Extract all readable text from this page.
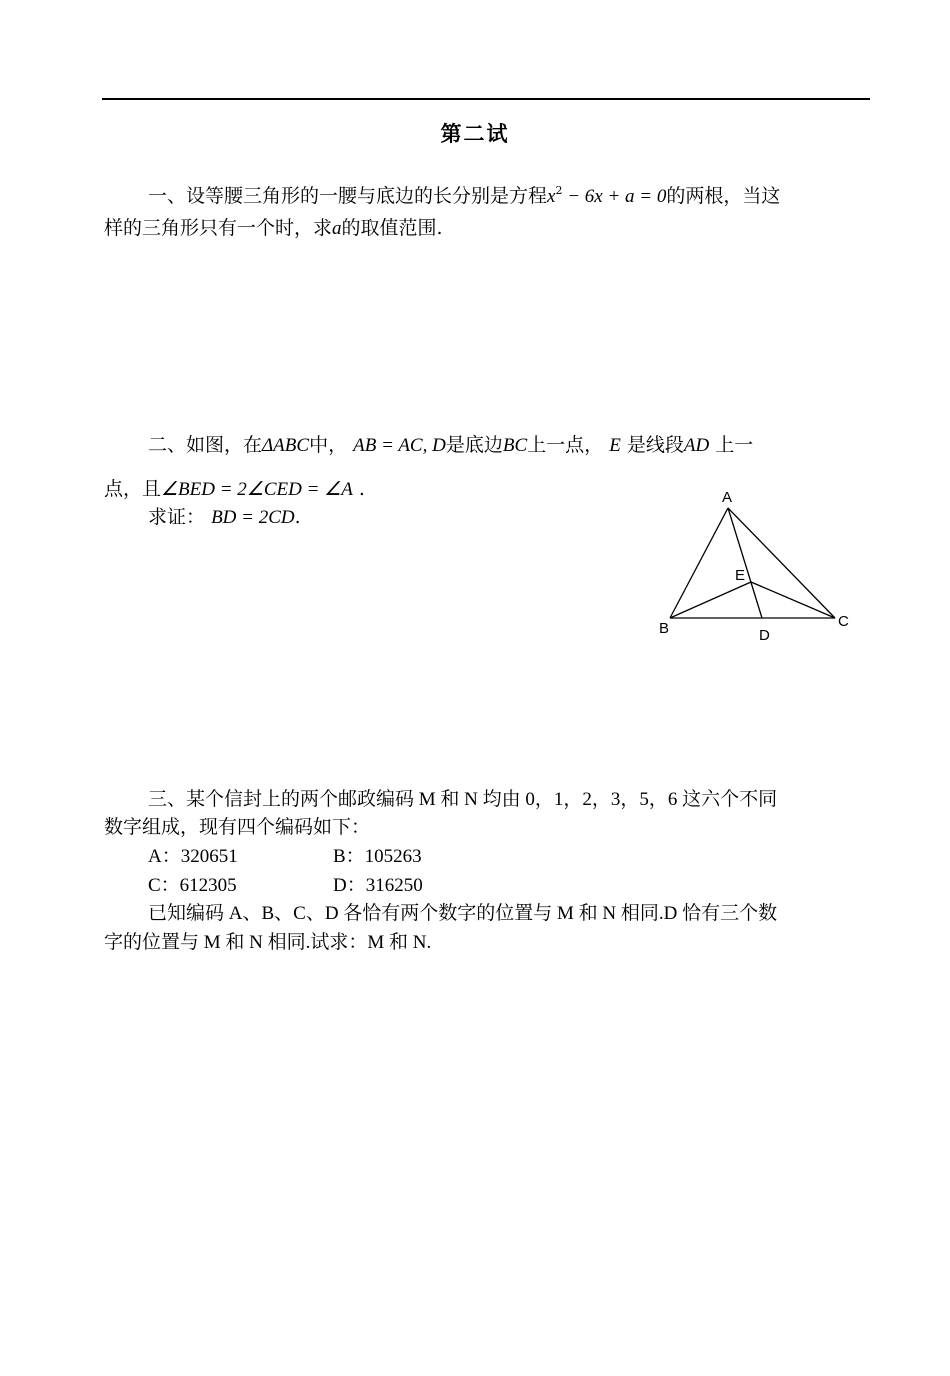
第二试
一、设等腰三角形的一腰与底边的长分别是方程$x^2 - 6x + a = 0$的两根，当这
样的三角形只有一个时，求a的取值范围.
二、如图，在ΔABC中， AB = AC, D是底边BC上一点， E 是线段AD 上一
点，且∠BED = 2∠CED = ∠A .
求证： BD = 2CD.
A
B	C
D
E
三、某个信封上的两个邮政编码 M 和 N 均由 0，1，2，3，5，6 这六个不同
数字组成，现有四个编码如下：
A：320651	B：105263
C：612305	D：316250
已知编码 A、B、C、D 各恰有两个数字的位置与 M 和 N 相同.D 恰有三个数
字的位置与 M 和 N 相同.试求：M 和 N.
